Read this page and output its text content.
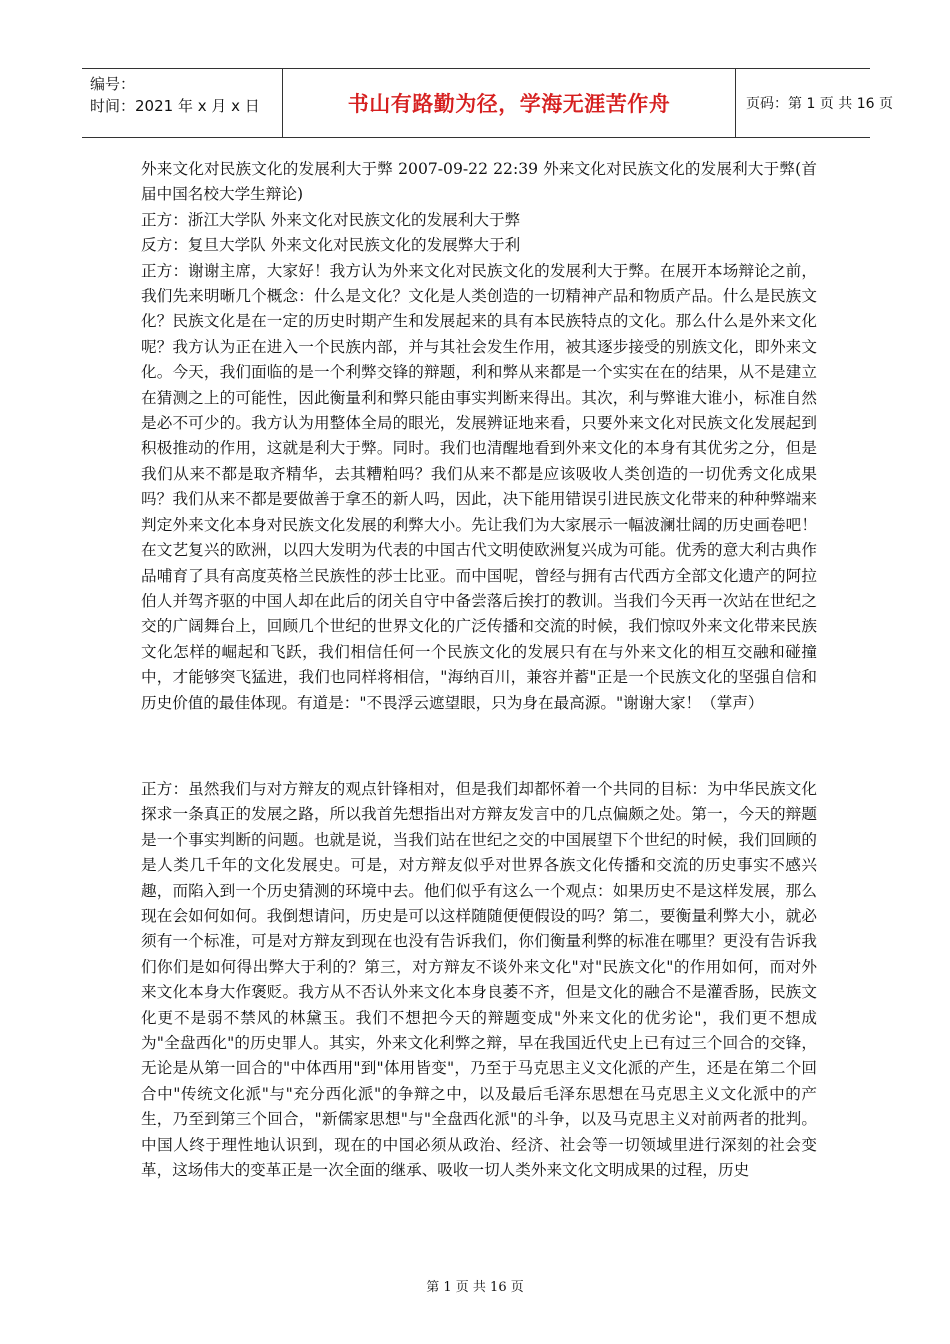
编号：
时间：2021 年 x 月 x 日	书山有路勤为径，学海无涯苦作舟	页码：第 1 页 共 16 页

外来文化对民族文化的发展利大于弊 2007-09-22 22:39 外来文化对民族文化的发展利大于弊(首届中国名校大学生辩论)

正方：浙江大学队 外来文化对民族文化的发展利大于弊

反方：复旦大学队 外来文化对民族文化的发展弊大于利

正方：谢谢主席，大家好！我方认为外来文化对民族文化的发展利大于弊。在展开本场辩论之前，我们先来明晰几个概念：什么是文化？文化是人类创造的一切精神产品和物质产品。什么是民族文化？民族文化是在一定的历史时期产生和发展起来的具有本民族特点的文化。那么什么是外来文化呢？我方认为正在进入一个民族内部，并与其社会发生作用，被其逐步接受的别族文化，即外来文化。今天，我们面临的是一个利弊交锋的辩题，利和弊从来都是一个实实在在的结果，从不是建立在猜测之上的可能性，因此衡量利和弊只能由事实判断来得出。其次，利与弊谁大谁小，标准自然是必不可少的。我方认为用整体全局的眼光，发展辨证地来看，只要外来文化对民族文化发展起到积极推动的作用，这就是利大于弊。同时。我们也清醒地看到外来文化的本身有其优劣之分，但是我们从来不都是取齐精华，去其糟粕吗？我们从来不都是应该吸收人类创造的一切优秀文化成果吗？我们从来不都是要做善于拿丕的新人吗，因此，决下能用错误引进民族文化带来的种种弊端来判定外来文化本身对民族文化发展的利弊大小。先让我们为大家展示一幅波澜壮阔的历史画卷吧！在文艺复兴的欧洲，以四大发明为代表的中国古代文明使欧洲复兴成为可能。优秀的意大利古典作品哺育了具有高度英格兰民族性的莎士比亚。而中国呢，曾经与拥有古代西方全部文化遗产的阿拉伯人并驾齐驱的中国人却在此后的闭关自守中备尝落后挨打的教训。当我们今天再一次站在世纪之交的广阔舞台上，回顾几个世纪的世界文化的广泛传播和交流的时候，我们惊叹外来文化带来民族文化怎样的崛起和飞跃，我们相信任何一个民族文化的发展只有在与外来文化的相互交融和碰撞中，才能够突飞猛进，我们也同样将相信，"海纳百川，兼容并蓄"正是一个民族文化的坚强自信和历史价值的最佳体现。有道是："不畏浮云遮望眼，只为身在最高源。"谢谢大家！（掌声）

正方：虽然我们与对方辩友的观点针锋相对，但是我们却都怀着一个共同的目标：为中华民族文化探求一条真正的发展之路，所以我首先想指出对方辩友发言中的几点偏颇之处。第一，今天的辩题是一个事实判断的问题。也就是说，当我们站在世纪之交的中国展望下个世纪的时候，我们回顾的是人类几千年的文化发展史。可是，对方辩友似乎对世界各族文化传播和交流的历史事实不感兴趣，而陷入到一个历史猜测的环境中去。他们似乎有这么一个观点：如果历史不是这样发展，那么现在会如何如何。我倒想请问，历史是可以这样随随便便假设的吗？第二，要衡量利弊大小，就必须有一个标准，可是对方辩友到现在也没有告诉我们，你们衡量利弊的标准在哪里？更没有告诉我们你们是如何得出弊大于利的？第三，对方辩友不谈外来文化"对"民族文化"的作用如何，而对外来文化本身大作褒贬。我方从不否认外来文化本身良萎不齐，但是文化的融合不是灌香肠，民族文化更不是弱不禁风的林黛玉。我们不想把今天的辩题变成"外来文化的优劣论"，我们更不想成为"全盘西化"的历史罪人。其实，外来文化利弊之辩，早在我国近代史上已有过三个回合的交锋，无论是从第一回合的"中体西用"到"体用皆变"，乃至于马克思主义文化派的产生，还是在第二个回合中"传统文化派"与"充分西化派"的争辩之中，以及最后毛泽东思想在马克思主义文化派中的产生，乃至到第三个回合，"新儒家思想"与"全盘西化派"的斗争，以及马克思主义对前两者的批判。中国人终于理性地认识到，现在的中国必须从政治、经济、社会等一切领域里进行深刻的社会变革，这场伟大的变革正是一次全面的继承、吸收一切人类外来文化文明成果的过程，历史

第 1 页 共 16 页
